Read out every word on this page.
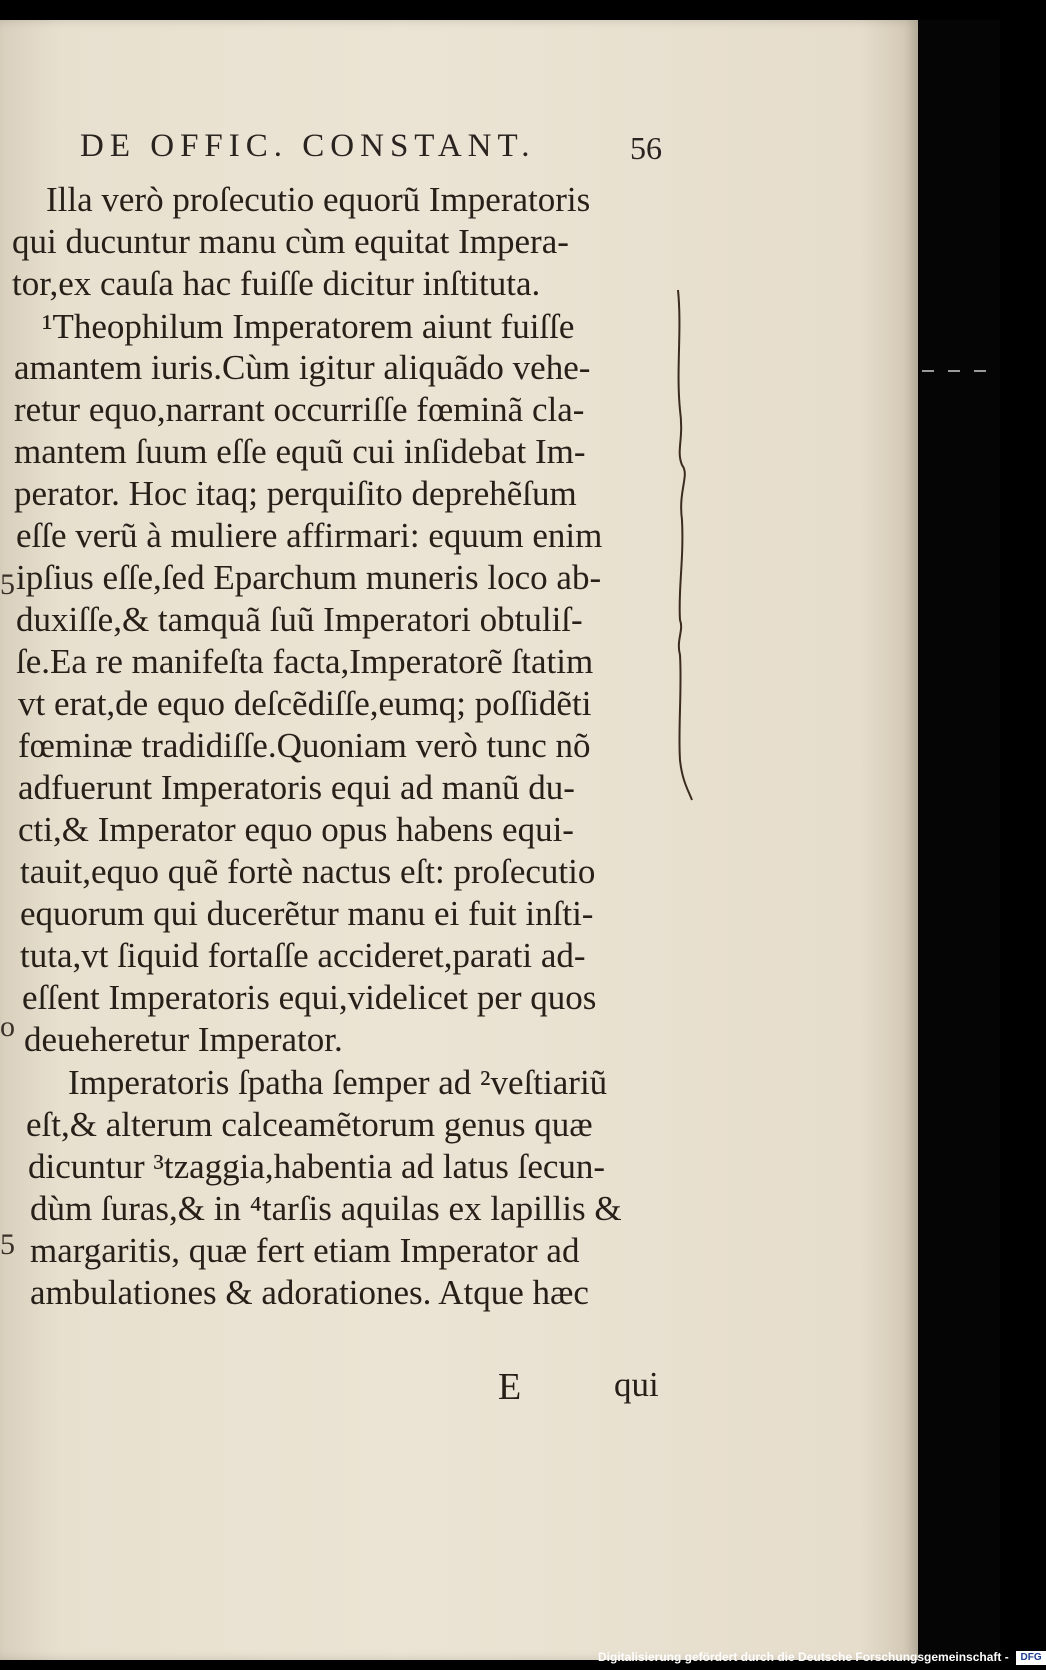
DE OFFIC. CONSTANT.	56
Illa verò proſecutio equorũ Imperatoris
qui ducuntur manu cùm equitat Impera-
tor,ex cauſa hac fuiſſe dicitur inſtituta.
¹Theophilum Imperatorem aiunt fuiſſe
amantem iuris.Cùm igitur aliquãdo vehe-
retur equo,narrant occurriſſe fœminã cla-
mantem ſuum eſſe equũ cui inſidebat Im-
perator. Hoc itaq; perquiſito deprehẽſum
eſſe verũ à muliere affirmari: equum enim
ipſius eſſe,ſed Eparchum muneris loco ab-
duxiſſe,& tamquã ſuũ Imperatori obtuliſ-
ſe.Ea re manifeſta facta,Imperatorẽ ſtatim
vt erat,de equo deſcẽdiſſe,eumq; poſſidẽti
fœminæ tradidiſſe.Quoniam verò tunc nõ
adfuerunt Imperatoris equi ad manũ du-
cti,& Imperator equo opus habens equi-
tauit,equo quẽ fortè nactus eſt: proſecutio
equorum qui ducerẽtur manu ei fuit inſti-
tuta,vt ſiquid fortaſſe accideret,parati ad-
eſſent Imperatoris equi,videlicet per quos
deueheretur Imperator.
Imperatoris ſpatha ſemper ad ²veſtiariũ
eſt,& alterum calceamẽtorum genus quæ
dicuntur ³tzaggia,habentia ad latus ſecun-
dùm ſuras,& in ⁴tarſis aquilas ex lapillis &
margaritis, quæ fert etiam Imperator ad
ambulationes & adorationes. Atque hæc
5
o
5
E	qui
Digitalisierung gefördert durch die Deutsche Forschungsgemeinschaft - DFG
